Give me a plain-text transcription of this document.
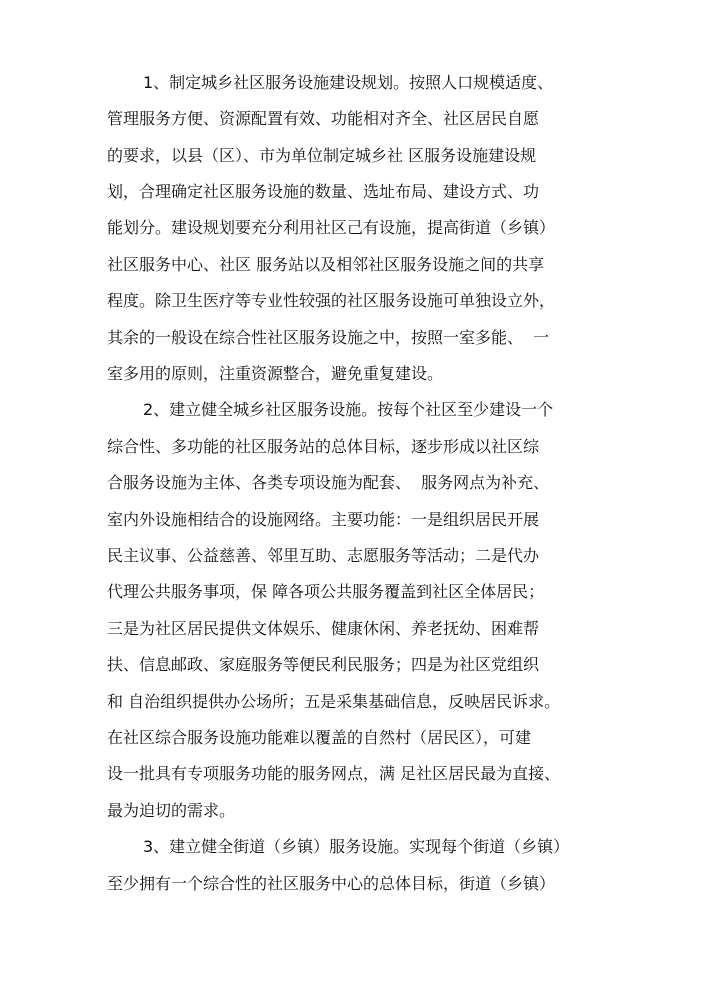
1、制定城乡社区服务设施建设规划。按照人口规模适度、
管理服务方便、资源配置有效、功能相对齐全、社区居民自愿
的要求，以县（区）、市为单位制定城乡社 区服务设施建设规
划，合理确定社区服务设施的数量、选址布局、建设方式、功
能划分。建设规划要充分利用社区己有设施，提高街道（乡镇）
社区服务中心、社区 服务站以及相邻社区服务设施之间的共享
程度。除卫生医疗等专业性较强的社区服务设施可单独设立外，
其余的一般设在综合性社区服务设施之中，按照一室多能、  一
室多用的原则，注重资源整合，避免重复建设。
2、建立健全城乡社区服务设施。按每个社区至少建设一个
综合性、多功能的社区服务站的总体目标，逐步形成以社区综
合服务设施为主体、各类专项设施为配套、  服务网点为补充、
室内外设施相结合的设施网络。主要功能：一是组织居民开展
民主议事、公益慈善、邻里互助、志愿服务等活动；二是代办
代理公共服务事项，保 障各项公共服务覆盖到社区全体居民；
三是为社区居民提供文体娱乐、健康休闲、养老抚幼、困难帮
扶、信息邮政、家庭服务等便民利民服务；四是为社区党组织
和 自治组织提供办公场所；五是采集基础信息，反映居民诉求。
在社区综合服务设施功能难以覆盖的自然村（居民区），可建
设一批具有专项服务功能的服务网点，满 足社区居民最为直接、
最为迫切的需求。
3、建立健全街道（乡镇）服务设施。实现每个街道（乡镇）
至少拥有一个综合性的社区服务中心的总体目标，街道（乡镇）
